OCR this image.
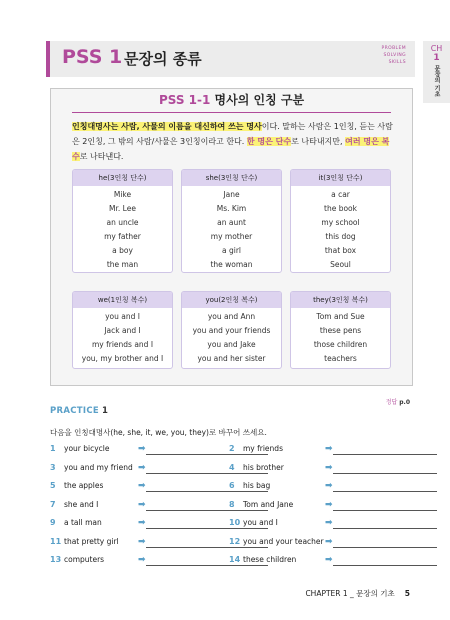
PSS 1 문장의 종류
PROBLEM
SOLVING
SKILLS
CH
1
문장의 기초
PSS 1-1 명사의 인칭 구분
인칭대명사는 사람, 사물의 이름을 대신하여 쓰는 명사이다. 말하는 사람은 1인칭, 듣는 사람은 2인칭, 그 밖의 사람/사물은 3인칭이라고 한다. 한 명은 단수로 나타내지만, 여러 명은 복수로 나타낸다.
he(3인칭 단수)
Mike
Mr. Lee
an uncle
my father
a boy
the man
she(3인칭 단수)
Jane
Ms. Kim
an aunt
my mother
a girl
the woman
it(3인칭 단수)
a car
the book
my school
this dog
that box
Seoul
we(1인칭 복수)
you and I
Jack and I
my friends and I
you, my brother and I
you(2인칭 복수)
you and Ann
you and your friends
you and Jake
you and her sister
they(3인칭 복수)
Tom and Sue
these pens
those children
teachers
정답 p.0
PRACTICE 1
다음을 인칭대명사(he, she, it, we, you, they)로 바꾸어 쓰세요.
1 your bicycle	➡	2 my friends	➡
3 you and my friend ➡	4 his brother	➡
5 the apples	➡	6 his bag	➡
7 she and I	➡	8 Tom and Jane	➡
9 a tall man	➡	10 you and I	➡
11 that pretty girl ➡	12 you and your teacher ➡
13 computers	➡	14 these children	➡
CHAPTER 1 _ 문장의 기초 5
